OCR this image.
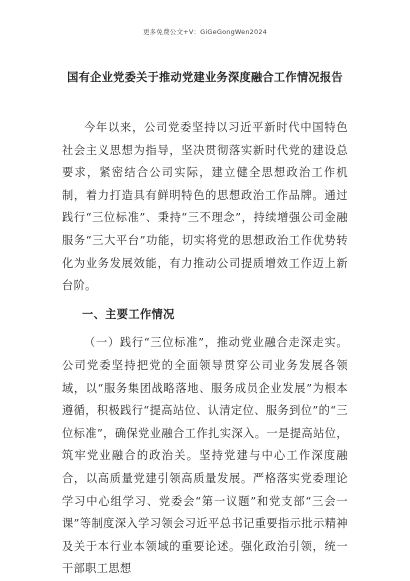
更多免费公文+V：GiGeGongWen2024
国有企业党委关于推动党建业务深度融合工作情况报告

今年以来，公司党委坚持以习近平新时代中国特色社会主义思想为指导，坚决贯彻落实新时代党的建设总要求，紧密结合公司实际，建立健全思想政治工作机制，着力打造具有鲜明特色的思想政治工作品牌。通过践行“三位标准”、秉持“三不理念”，持续增强公司金融服务“三大平台”功能，切实将党的思想政治工作优势转化为业务发展效能，有力推动公司提质增效工作迈上新台阶。

一、主要工作情况

（一）践行“三位标准”，推动党业融合走深走实。公司党委坚持把党的全面领导贯穿公司业务发展各领域，以“服务集团战略落地、服务成员企业发展”为根本遵循，积极践行“提高站位、认清定位、服务到位”的“三位标准”，确保党业融合工作扎实深入。一是提高站位，筑牢党业融合的政治关。坚持党建与中心工作深度融合，以高质量党建引领高质量发展。严格落实党委理论学习中心组学习、党委会“第一议题”和党支部“三会一课”等制度深入学习领会习近平总书记重要指示批示精神及关于本行业本领域的重要论述。强化政治引领，统一干部职工思想
